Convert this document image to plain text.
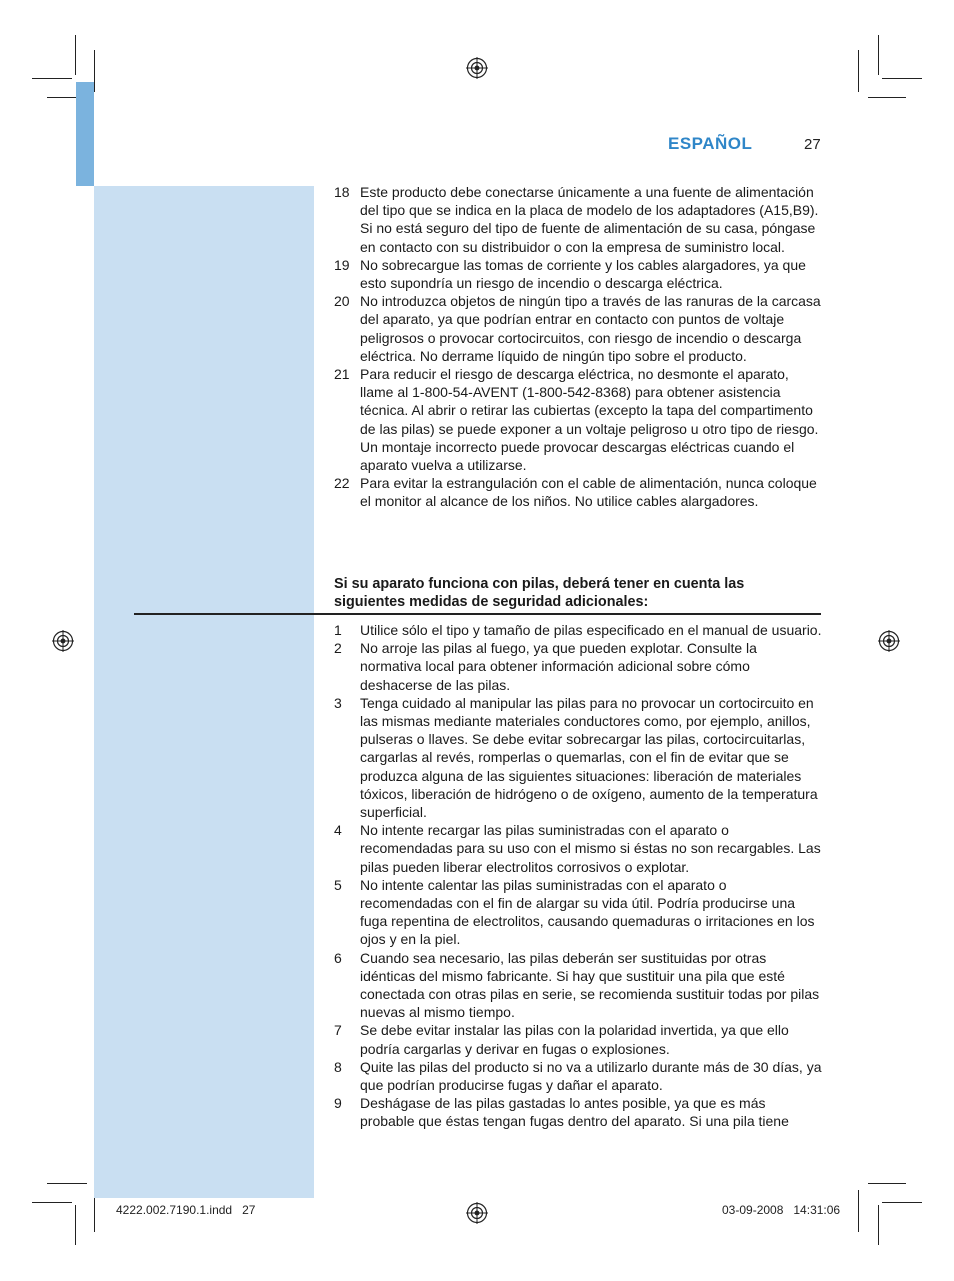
ESPAÑOL	27
18 Este producto debe conectarse únicamente a una fuente de alimentación del tipo que se indica en la placa de modelo de los adaptadores (A15,B9). Si no está seguro del tipo de fuente de alimentación de su casa, póngase en contacto con su distribuidor o con la empresa de suministro local.
19 No sobrecargue las tomas de corriente y los cables alargadores, ya que esto supondría un riesgo de incendio o descarga eléctrica.
20 No introduzca objetos de ningún tipo a través de las ranuras de la carcasa del aparato, ya que podrían entrar en contacto con puntos de voltaje peligrosos o provocar cortocircuitos, con riesgo de incendio o descarga eléctrica. No derrame líquido de ningún tipo sobre el producto.
21 Para reducir el riesgo de descarga eléctrica, no desmonte el aparato, llame al 1-800-54-AVENT (1-800-542-8368) para obtener asistencia técnica. Al abrir o retirar las cubiertas (excepto la tapa del compartimento de las pilas) se puede exponer a un voltaje peligroso u otro tipo de riesgo. Un montaje incorrecto puede provocar descargas eléctricas cuando el aparato vuelva a utilizarse.
22 Para evitar la estrangulación con el cable de alimentación, nunca coloque el monitor al alcance de los niños. No utilice cables alargadores.
Si su aparato funciona con pilas, deberá tener en cuenta las siguientes medidas de seguridad adicionales:
1 Utilice sólo el tipo y tamaño de pilas especificado en el manual de usuario.
2 No arroje las pilas al fuego, ya que pueden explotar. Consulte la normativa local para obtener información adicional sobre cómo deshacerse de las pilas.
3 Tenga cuidado al manipular las pilas para no provocar un cortocircuito en las mismas mediante materiales conductores como, por ejemplo, anillos, pulseras o llaves. Se debe evitar sobrecargar las pilas, cortocircuitarlas, cargarlas al revés, romperlas o quemarlas, con el fin de evitar que se produzca alguna de las siguientes situaciones: liberación de materiales tóxicos, liberación de hidrógeno o de oxígeno, aumento de la temperatura superficial.
4 No intente recargar las pilas suministradas con el aparato o recomendadas para su uso con el mismo si éstas no son recargables. Las pilas pueden liberar electrolitos corrosivos o explotar.
5 No intente calentar las pilas suministradas con el aparato o recomendadas con el fin de alargar su vida útil. Podría producirse una fuga repentina de electrolitos, causando quemaduras o irritaciones en los ojos y en la piel.
6 Cuando sea necesario, las pilas deberán ser sustituidas por otras idénticas del mismo fabricante. Si hay que sustituir una pila que esté conectada con otras pilas en serie, se recomienda sustituir todas por pilas nuevas al mismo tiempo.
7 Se debe evitar instalar las pilas con la polaridad invertida, ya que ello podría cargarlas y derivar en fugas o explosiones.
8 Quite las pilas del producto si no va a utilizarlo durante más de 30 días, ya que podrían producirse fugas y dañar el aparato.
9 Deshágase de las pilas gastadas lo antes posible, ya que es más probable que éstas tengan fugas dentro del aparato. Si una pila tiene
4222.002.7190.1.indd   27	03-09-2008   14:31:06
